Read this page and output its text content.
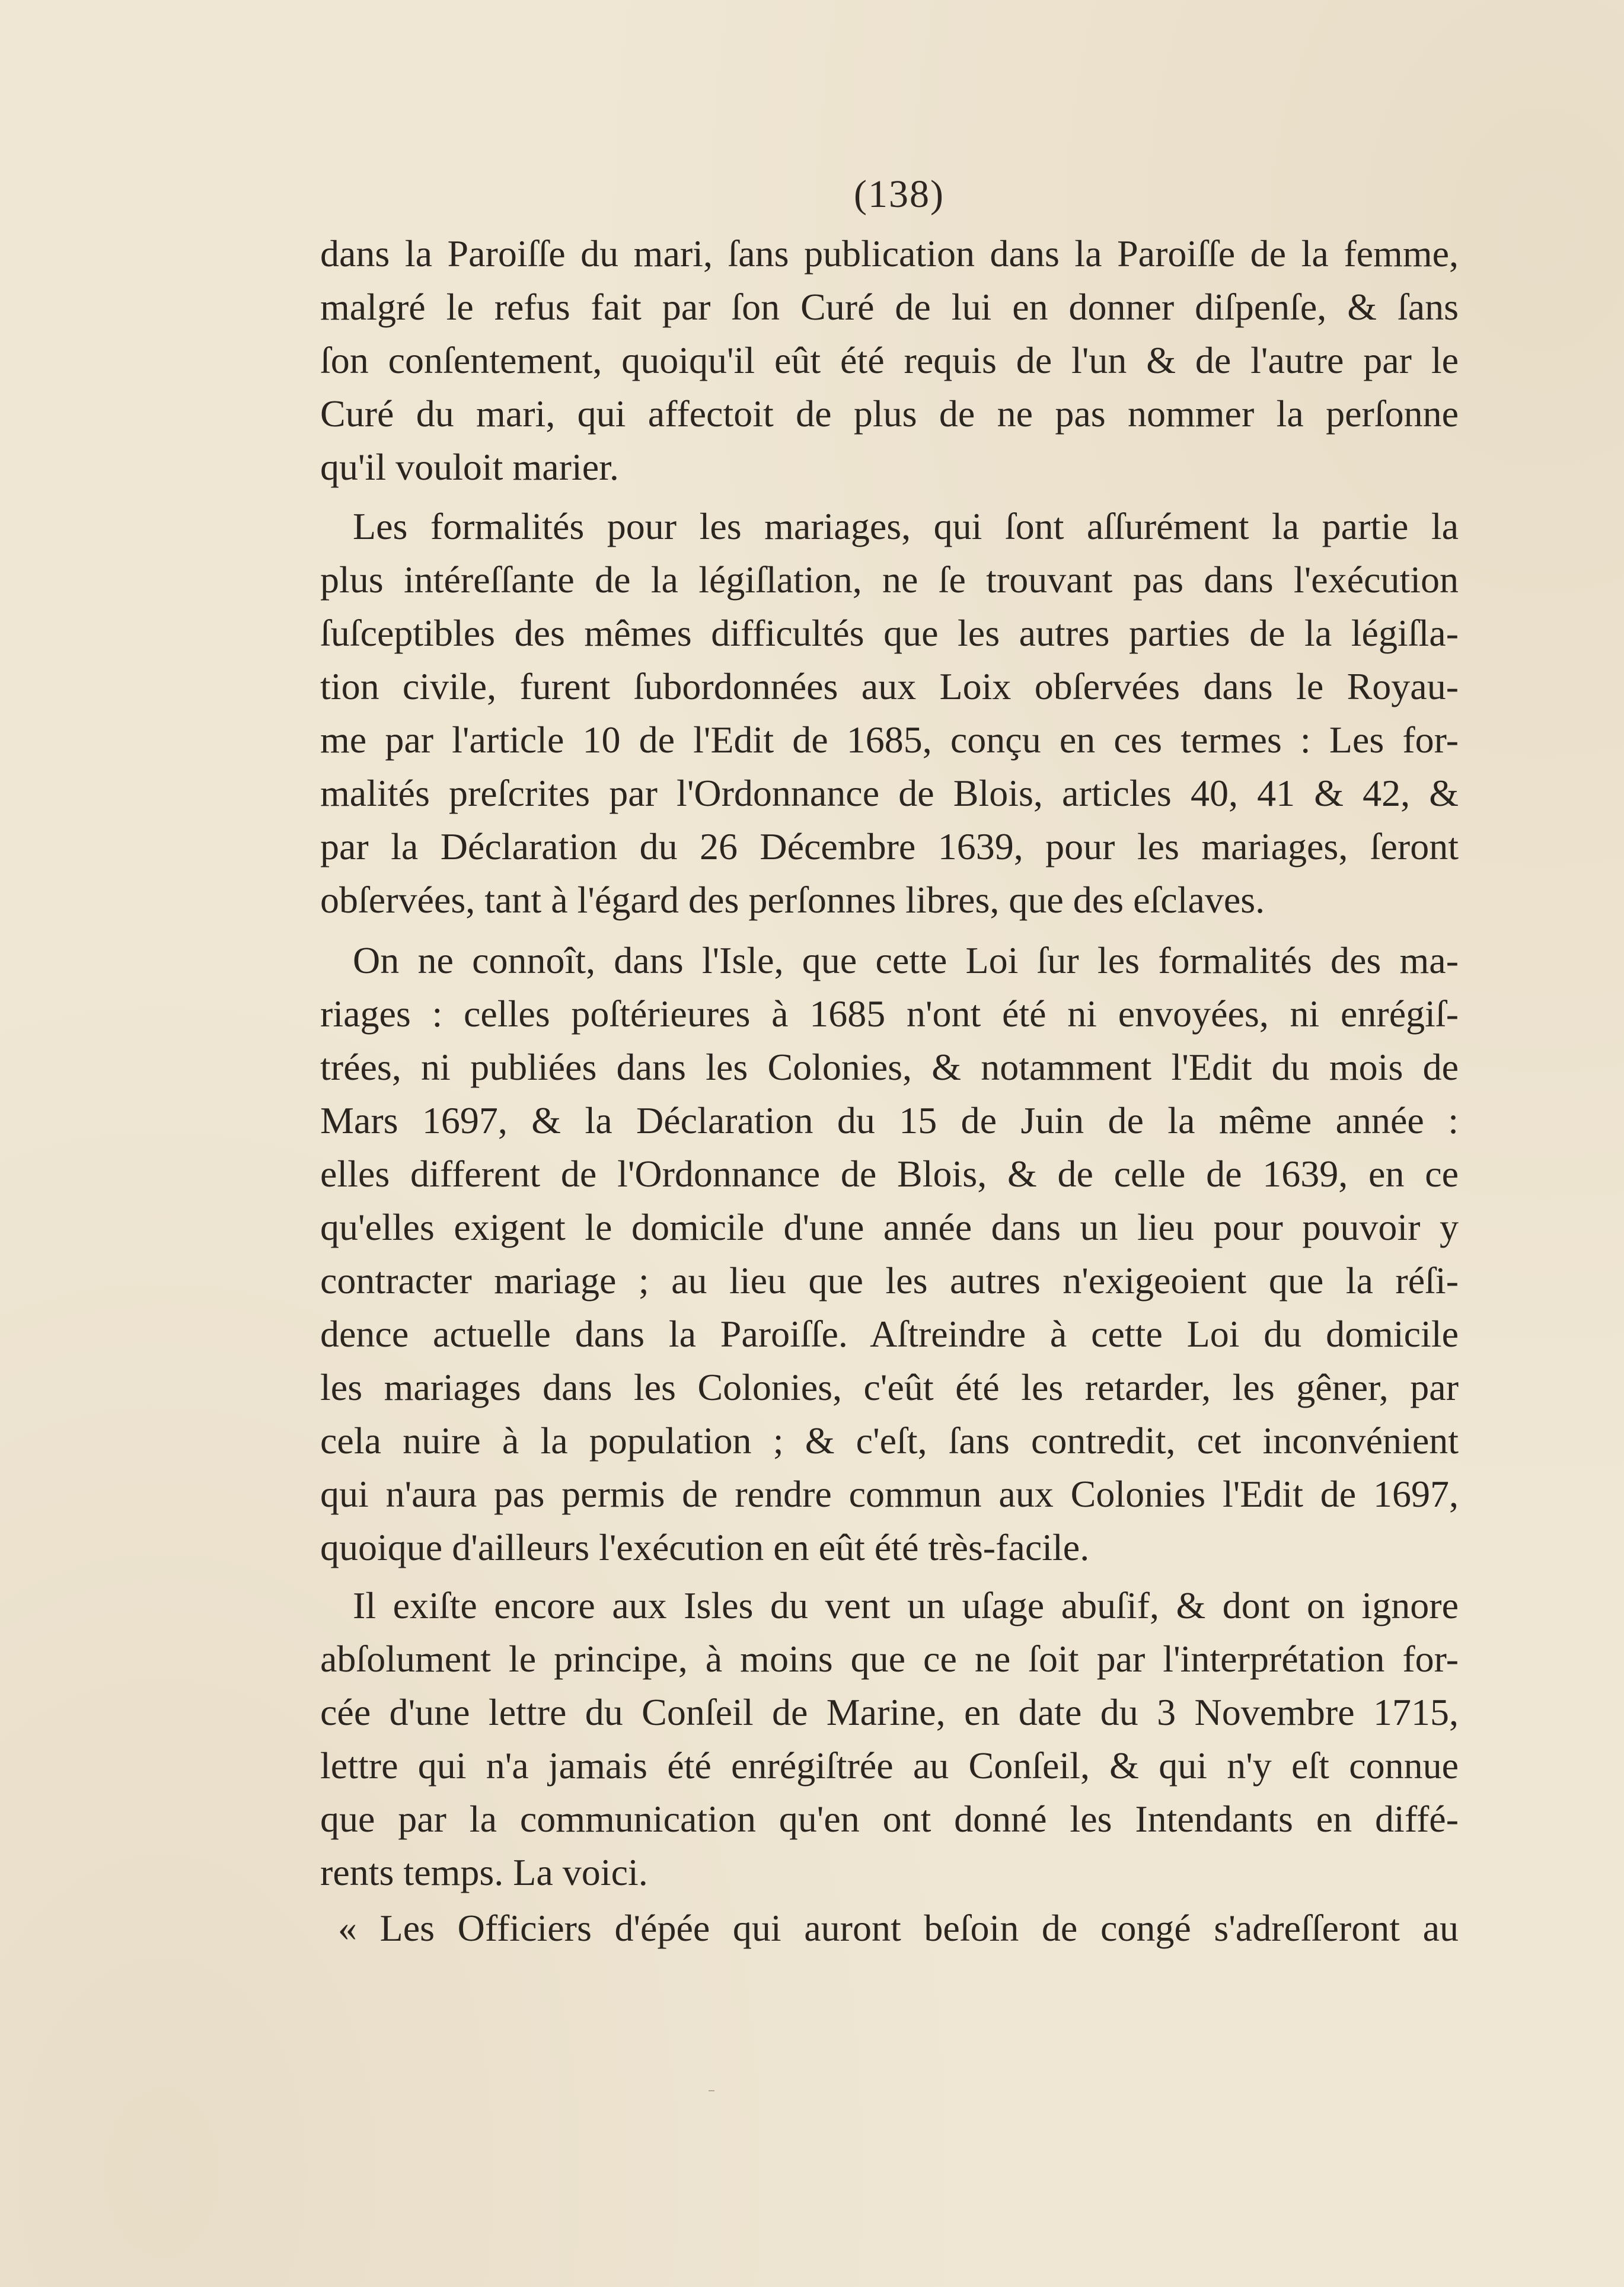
(138)
dans la Paroiſſe du mari, ſans publication dans la Paroiſſe de la femme,
malgré le refus fait par ſon Curé de lui en donner diſpenſe, & ſans
ſon conſentement, quoiqu'il eût été requis de l'un & de l'autre par le
Curé du mari, qui affectoit de plus de ne pas nommer la perſonne
qu'il vouloit marier.
Les formalités pour les mariages, qui ſont aſſurément la partie la
plus intéreſſante de la légiſlation, ne ſe trouvant pas dans l'exécution
ſuſceptibles des mêmes difficultés que les autres parties de la légiſla-
tion civile, furent ſubordonnées aux Loix obſervées dans le Royau-
me par l'article 10 de l'Edit de 1685, conçu en ces termes : Les for-
malités preſcrites par l'Ordonnance de Blois, articles 40, 41 & 42, &
par la Déclaration du 26 Décembre 1639, pour les mariages, ſeront
obſervées, tant à l'égard des perſonnes libres, que des eſclaves.
On ne connoît, dans l'Isle, que cette Loi ſur les formalités des ma-
riages : celles poſtérieures à 1685 n'ont été ni envoyées, ni enrégiſ-
trées, ni publiées dans les Colonies, & notamment l'Edit du mois de
Mars 1697, & la Déclaration du 15 de Juin de la même année :
elles different de l'Ordonnance de Blois, & de celle de 1639, en ce
qu'elles exigent le domicile d'une année dans un lieu pour pouvoir y
contracter mariage ; au lieu que les autres n'exigeoient que la réſi-
dence actuelle dans la Paroiſſe. Aſtreindre à cette Loi du domicile
les mariages dans les Colonies, c'eût été les retarder, les gêner, par
cela nuire à la population ; & c'eſt, ſans contredit, cet inconvénient
qui n'aura pas permis de rendre commun aux Colonies l'Edit de 1697,
quoique d'ailleurs l'exécution en eût été très-facile.
Il exiſte encore aux Isles du vent un uſage abuſif, & dont on ignore
abſolument le principe, à moins que ce ne ſoit par l'interprétation for-
cée d'une lettre du Conſeil de Marine, en date du 3 Novembre 1715,
lettre qui n'a jamais été enrégiſtrée au Conſeil, & qui n'y eſt connue
que par la communication qu'en ont donné les Intendants en diffé-
rents temps. La voici.
« Les Officiers d'épée qui auront beſoin de congé s'adreſſeront au
